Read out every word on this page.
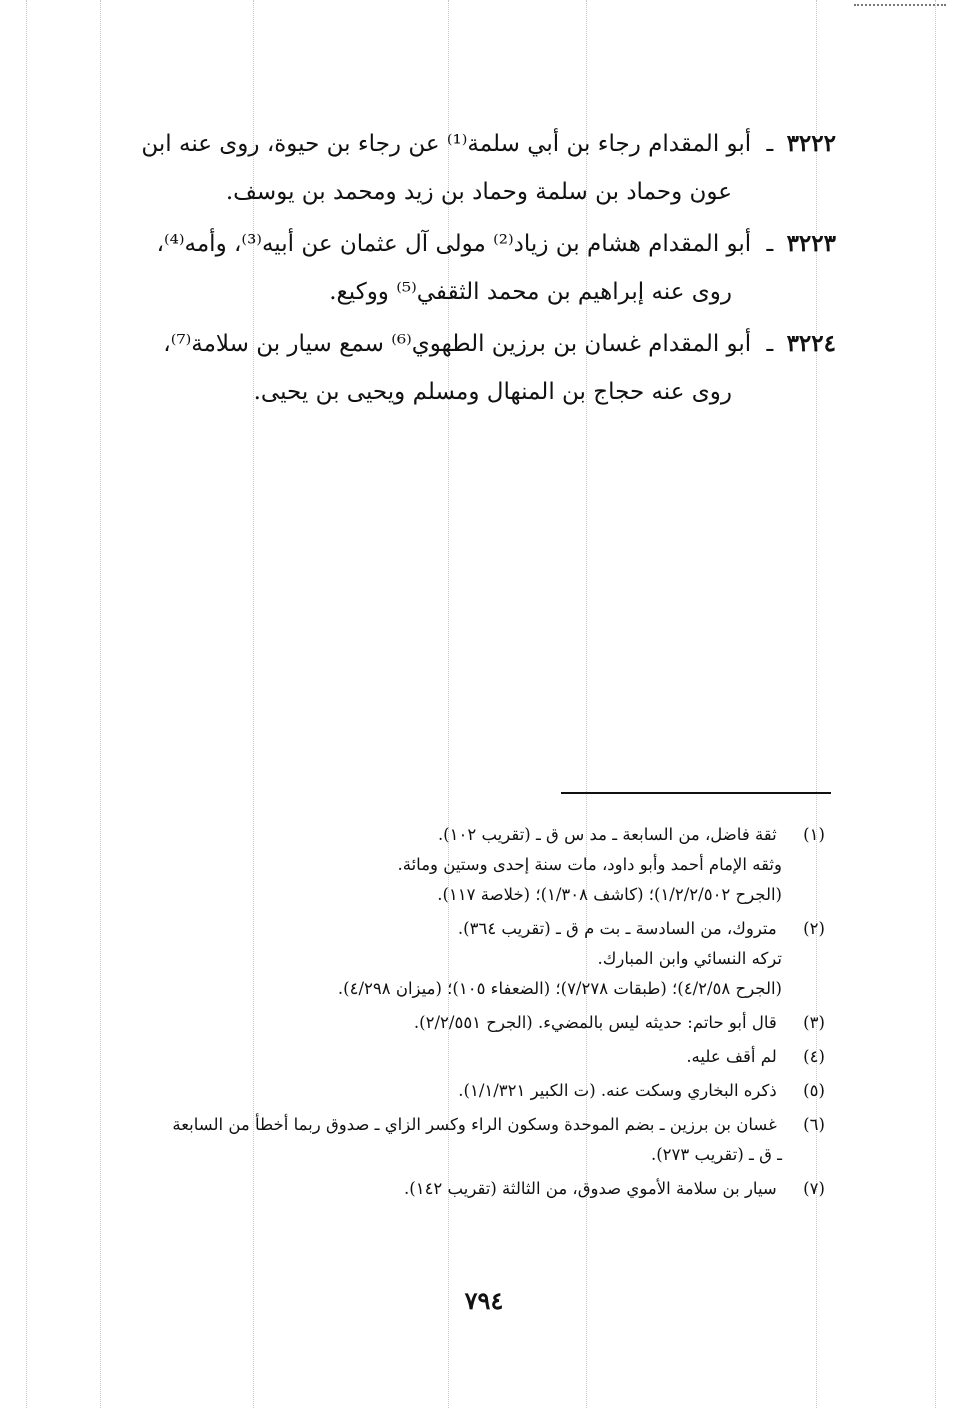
٣٢٢٢ ـ أبو المقدام رجاء بن أبي سلمة⁽¹⁾ عن رجاء بن حيوة، روى عنه ابن
عون وحماد بن سلمة وحماد بن زيد ومحمد بن يوسف.
٣٢٢٣ ـ أبو المقدام هشام بن زياد⁽²⁾ مولى آل عثمان عن أبيه⁽³⁾، وأمه⁽⁴⁾،
روى عنه إبراهيم بن محمد الثقفي⁽⁵⁾ ووكيع.
٣٢٢٤ ـ أبو المقدام غسان بن برزين الطهوي⁽⁶⁾ سمع سيار بن سلامة⁽⁷⁾،
روى عنه حجاج بن المنهال ومسلم ويحيى بن يحيى.
(١) ثقة فاضل، من السابعة ـ مد س ق ـ (تقريب ١٠٢).
وثقه الإمام أحمد وأبو داود، مات سنة إحدى وستين ومائة.
(الجرح ١/٢/٢/٥٠٢)؛ (كاشف ١/٣٠٨)؛ (خلاصة ١١٧).
(٢) متروك، من السادسة ـ بت م ق ـ (تقريب ٣٦٤).
تركه النسائي وابن المبارك.
(الجرح ٤/٢/٥٨)؛ (طبقات ٧/٢٧٨)؛ (الضعفاء ١٠٥)؛ (ميزان ٤/٢٩٨).
(٣) قال أبو حاتم: حديثه ليس بالمضيء. (الجرح ٢/٢/٥٥١).
(٤) لم أقف عليه.
(٥) ذكره البخاري وسكت عنه. (ت الكبير ١/١/٣٢١).
(٦) غسان بن برزين ـ بضم الموحدة وسكون الراء وكسر الزاي ـ صدوق ربما أخطأ من السابعة
ـ ق ـ (تقريب ٢٧٣).
(٧) سيار بن سلامة الأموي صدوق، من الثالثة (تقريب ١٤٢).
٧٩٤
